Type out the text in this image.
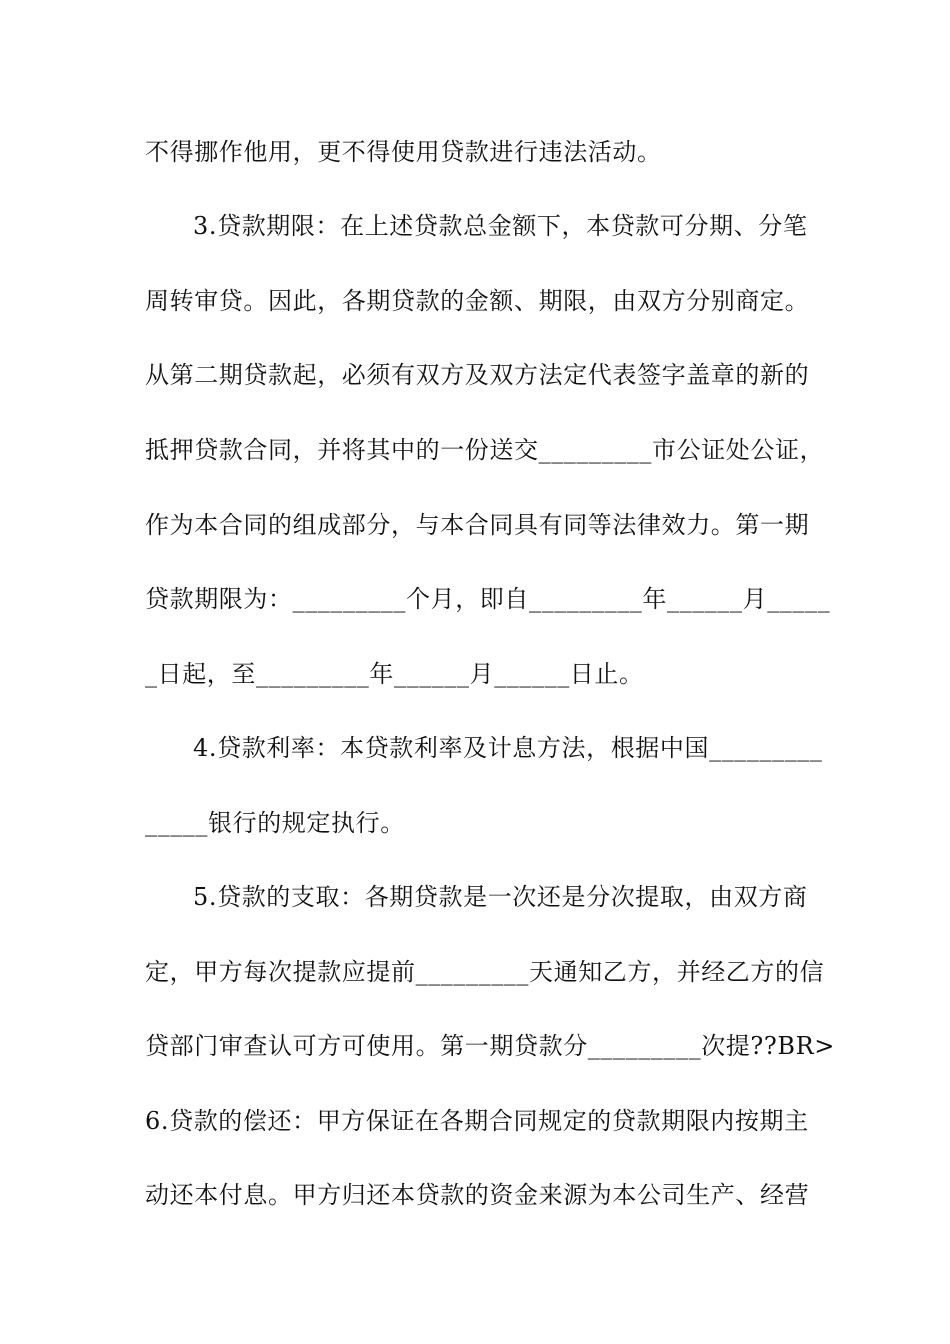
不得挪作他用，更不得使用贷款进行违法活动。
3.贷款期限：在上述贷款总金额下，本贷款可分期、分笔
周转审贷。因此，各期贷款的金额、期限，由双方分别商定。
从第二期贷款起，必须有双方及双方法定代表签字盖章的新的
抵押贷款合同，并将其中的一份送交_________市公证处公证，
作为本合同的组成部分，与本合同具有同等法律效力。第一期
贷款期限为：_________个月，即自_________年______月_____
_日起，至_________年______月______日止。
4.贷款利率：本贷款利率及计息方法，根据中国_________
_____银行的规定执行。
5.贷款的支取：各期贷款是一次还是分次提取，由双方商
定，甲方每次提款应提前_________天通知乙方，并经乙方的信
贷部门审查认可方可使用。第一期贷款分_________次提??BR>
6.贷款的偿还：甲方保证在各期合同规定的贷款期限内按期主
动还本付息。甲方归还本贷款的资金来源为本公司生产、经营
